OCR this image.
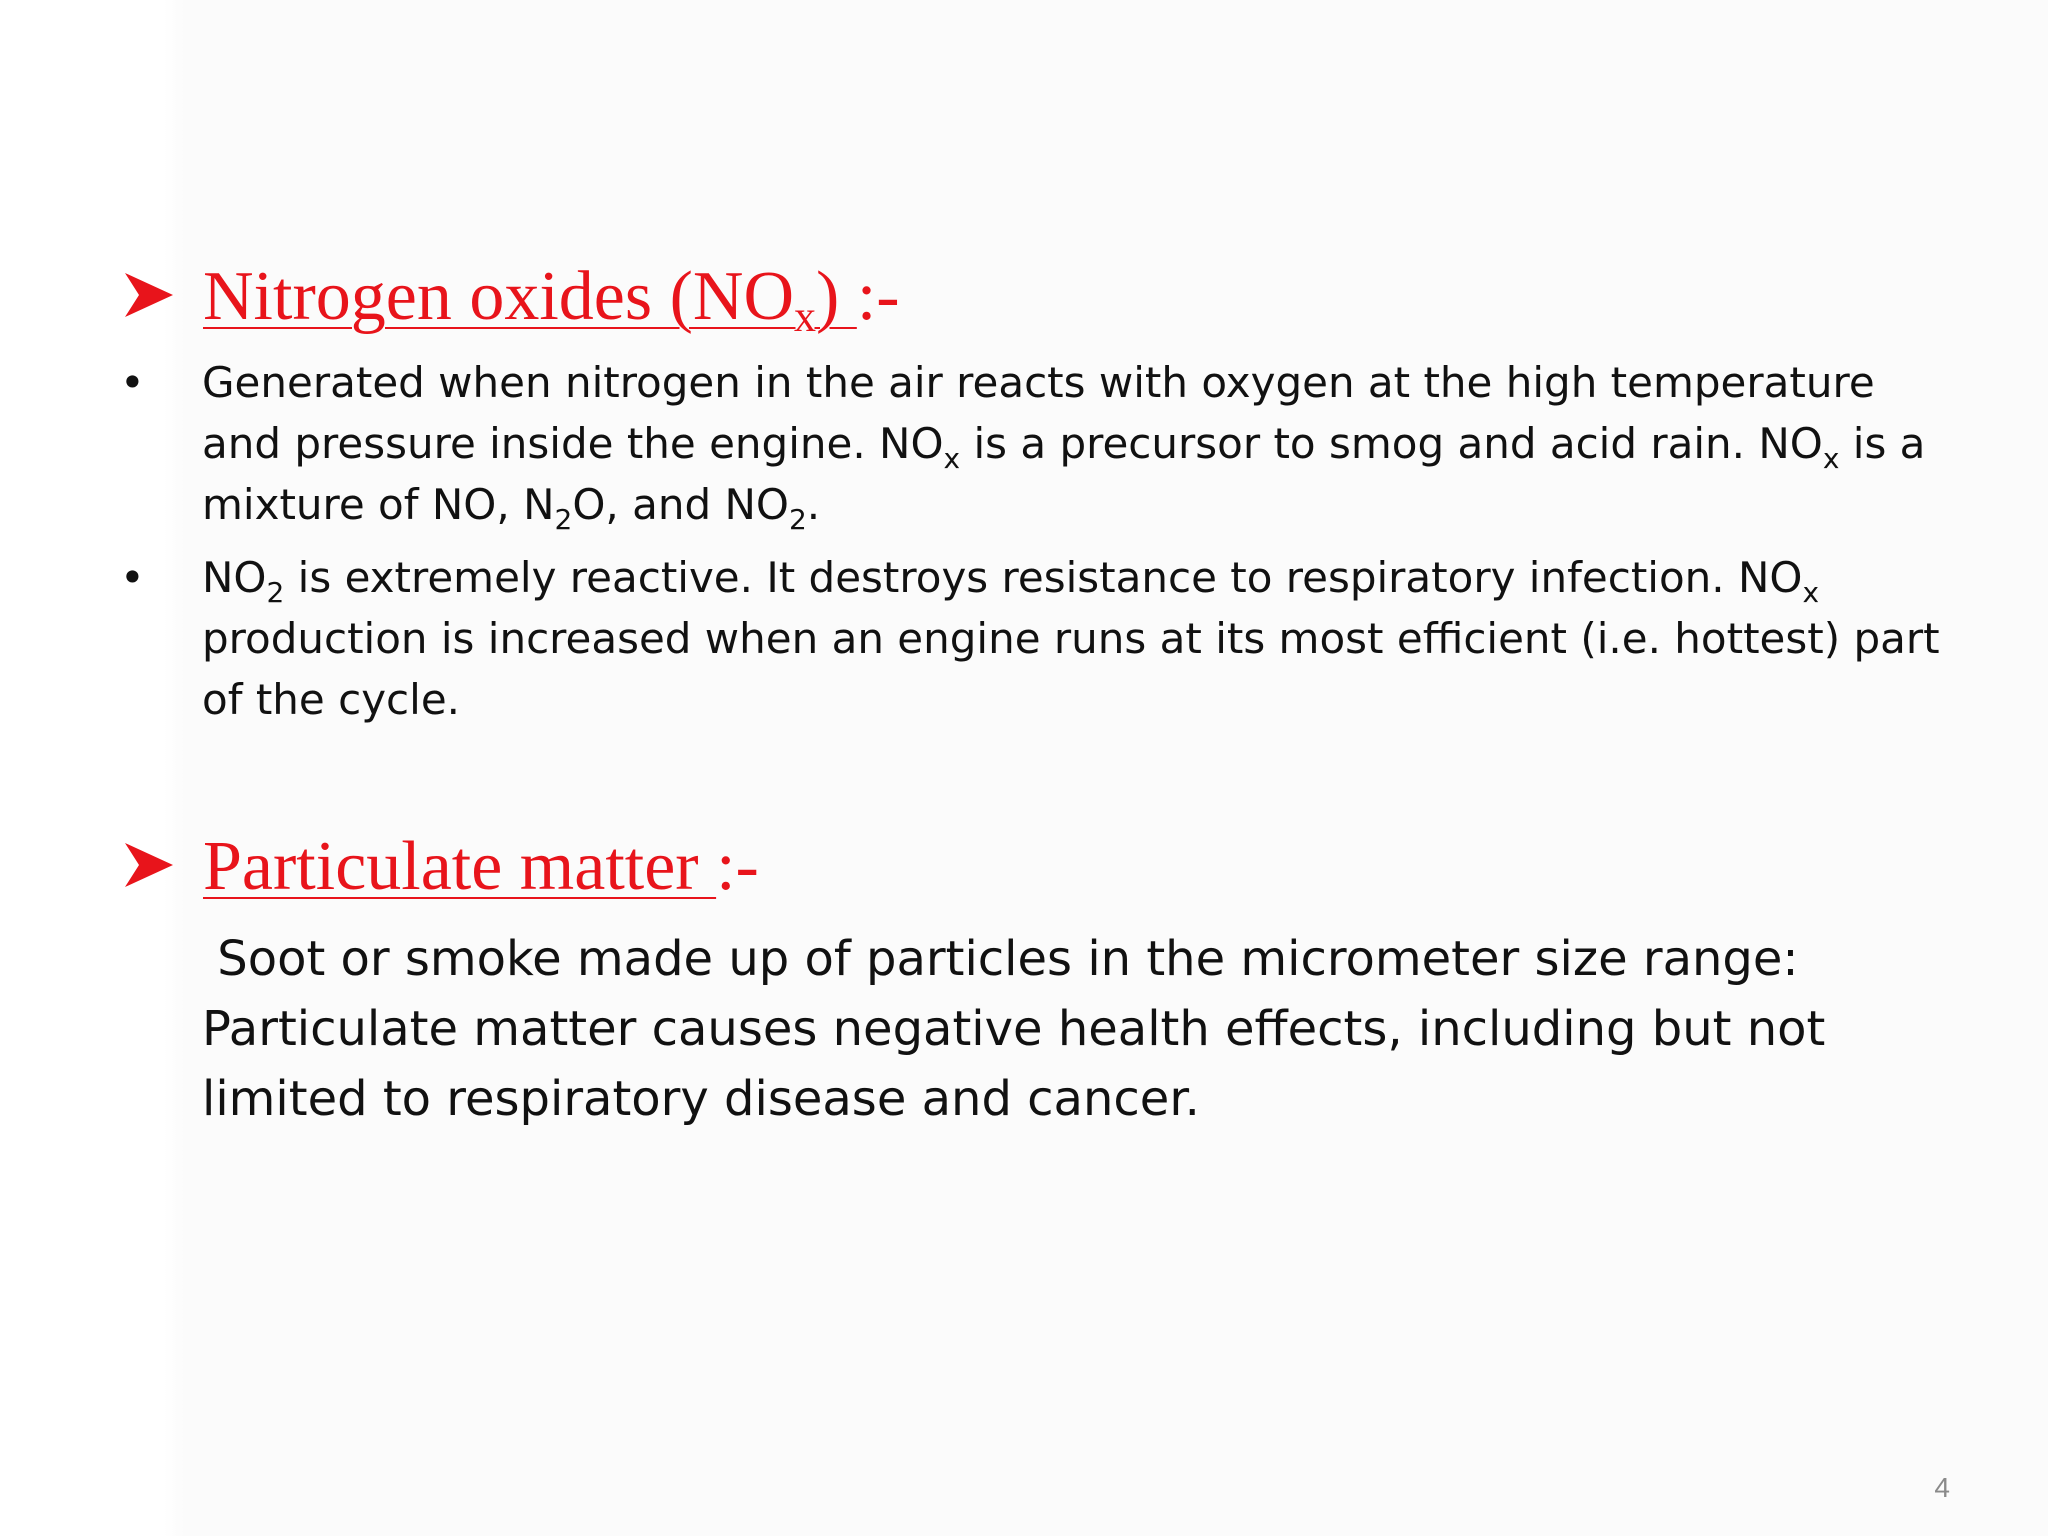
Nitrogen oxides $(NO_x)$ :-
• Generated when nitrogen in the air reacts with oxygen at the high temperature and pressure inside the engine. $NO_x$ is a precursor to smog and acid rain. $NO_x$ is a mixture of NO, $N_2O$, and $NO_2$.
• $NO_2$ is extremely reactive. It destroys resistance to respiratory infection. $NO_x$ production is increased when an engine runs at its most efficient (i.e. hottest) part of the cycle.
Particulate matter :-
Soot or smoke made up of particles in the micrometer size range: Particulate matter causes negative health effects, including but not limited to respiratory disease and cancer.
4
